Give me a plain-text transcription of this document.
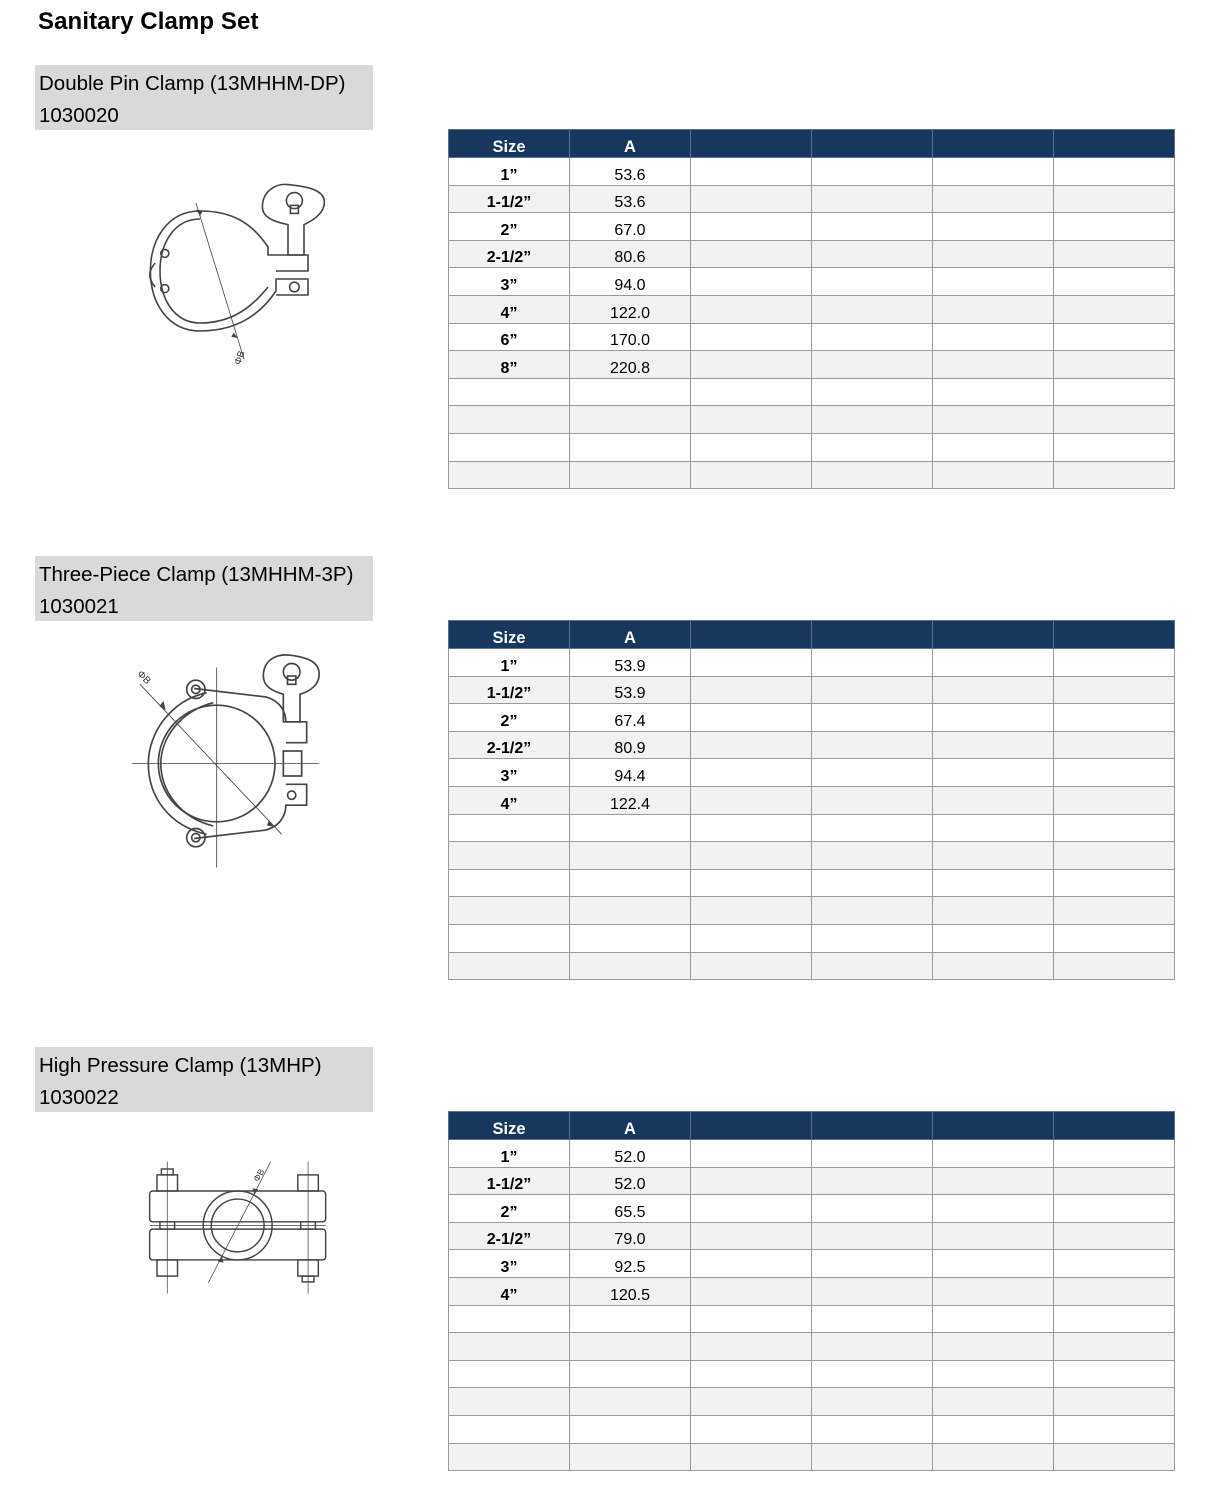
Sanitary Clamp Set
Double Pin Clamp (13MHHM-DP)
1030020
ΦB
Size	A				
1”	53.6				
1-1/2”	53.6				
2”	67.0				
2-1/2”	80.6				
3”	94.0				
4”	122.0				
6”	170.0				
8”	220.8				

Three-Piece Clamp (13MHHM-3P)
1030021
ΦB
Size	A				
1”	53.9				
1-1/2”	53.9				
2”	67.4				
2-1/2”	80.9				
3”	94.4				
4”	122.4				

High Pressure Clamp (13MHP)
1030022
ΦB
Size	A				
1”	52.0				
1-1/2”	52.0				
2”	65.5				
2-1/2”	79.0				
3”	92.5				
4”	120.5				
